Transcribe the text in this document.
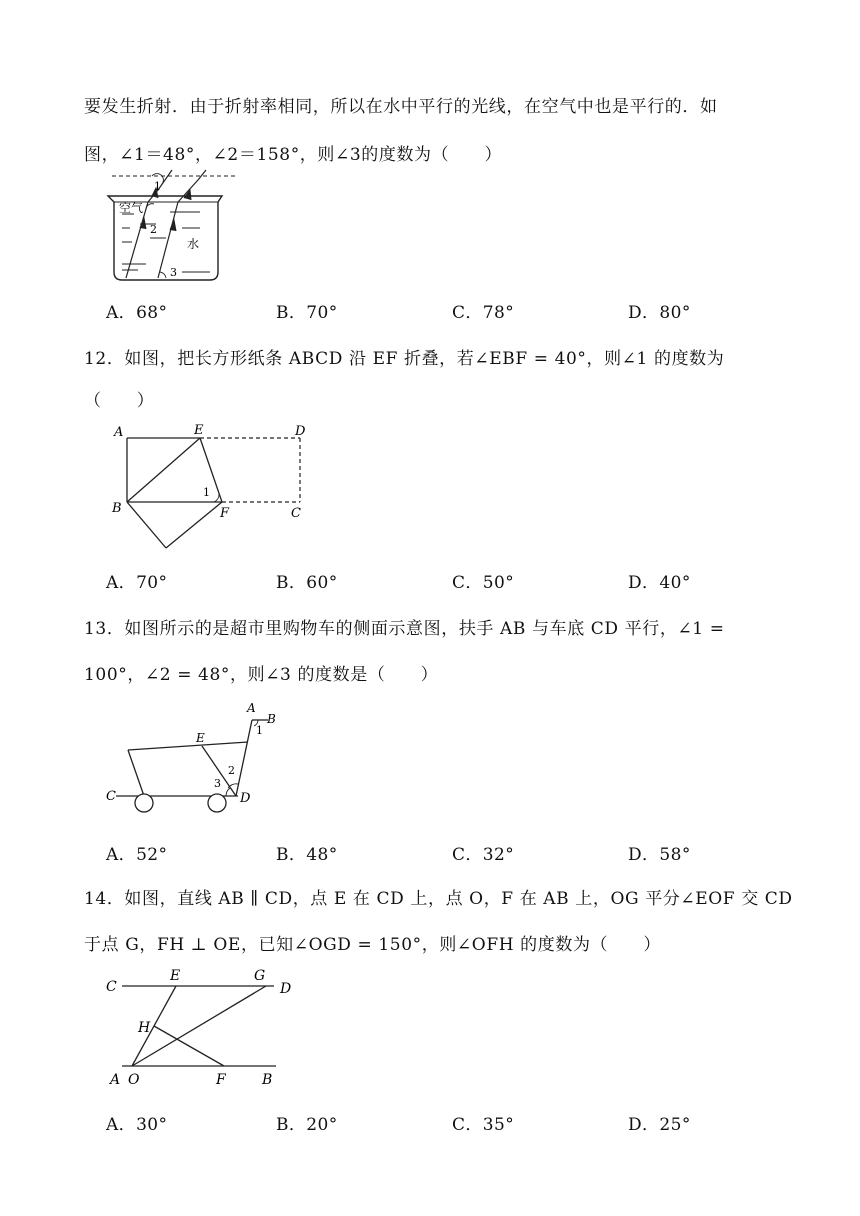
要发生折射．由于折射率相同，所以在水中平行的光线，在空气中也是平行的．如
图，∠1＝48°，∠2＝158°，则∠3的度数为（　　）
1
空气
2
水
3
A．68°	B．70°	C．78°	D．80°
12．如图，把长方形纸条 ABCD 沿 EF 折叠，若∠EBF = 40°，则∠1 的度数为
（　　）
A	E	D
B	F	C
1
A．70°	B．60°	C．50°	D．40°
13．如图所示的是超市里购物车的侧面示意图，扶手 AB 与车底 CD 平行，∠1 =
100°，∠2 = 48°，则∠3 的度数是（　　）
A
B
1
E
2
3
C	D
A．52°	B．48°	C．32°	D．58°
14．如图，直线 AB ∥ CD，点 E 在 CD 上，点 O，F 在 AB 上，OG 平分∠EOF 交 CD
于点 G，FH ⊥ OE，已知∠OGD = 150°，则∠OFH 的度数为（　　）
C
E	G
D
H
A O	F	B
A．30°	B．20°	C．35°	D．25°
